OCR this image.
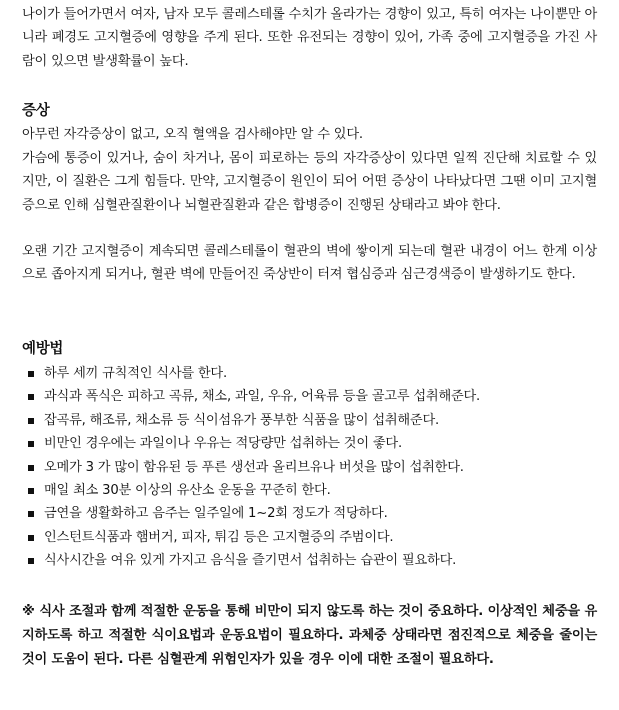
나이가 들어가면서 여자, 남자 모두 콜레스테롤 수치가 올라가는 경향이 있고, 특히 여자는 나이뿐만 아니라 폐경도 고지혈증에 영향을 주게 된다. 또한 유전되는 경향이 있어, 가족 중에 고지혈증을 가진 사람이 있으면 발생확률이 높다.
증상
아무런 자각증상이 없고, 오직 혈액을 검사해야만 알 수 있다.
가슴에 통증이 있거나, 숨이 차거나, 몸이 피로하는 등의 자각증상이 있다면 일찍 진단해 치료할 수 있지만, 이 질환은 그게 힘들다. 만약, 고지혈증이 원인이 되어 어떤 증상이 나타났다면 그땐 이미 고지혈증으로 인해 심혈관질환이나 뇌혈관질환과 같은 합병증이 진행된 상태라고 봐야 한다.
오랜 기간 고지혈증이 계속되면 콜레스테롤이 혈관의 벽에 쌓이게 되는데 혈관 내경이 어느 한계 이상으로 좁아지게 되거나, 혈관 벽에 만들어진 죽상반이 터져 협심증과 심근경색증이 발생하기도 한다.
예방법
하루 세끼 규칙적인 식사를 한다.
과식과 폭식은 피하고 곡류, 채소, 과일, 우유, 어육류 등을 골고루 섭취해준다.
잡곡류, 해조류, 채소류 등 식이섬유가 풍부한 식품을 많이 섭취해준다.
비만인 경우에는 과일이나 우유는 적당량만 섭취하는 것이 좋다.
오메가 3 가 많이 함유된 등 푸른 생선과 올리브유나 버섯을 많이 섭취한다.
매일 최소 30분 이상의 유산소 운동을 꾸준히 한다.
금연을 생활화하고 음주는 일주일에 1~2회 정도가 적당하다.
인스턴트식품과 햄버거, 피자, 튀김 등은 고지혈증의 주범이다.
식사시간을 여유 있게 가지고 음식을 즐기면서 섭취하는 습관이 필요하다.
※ 식사 조절과 함께 적절한 운동을 통해 비만이 되지 않도록 하는 것이 중요하다. 이상적인 체중을 유지하도록 하고 적절한 식이요법과 운동요법이 필요하다. 과체중 상태라면 점진적으로 체중을 줄이는 것이 도움이 된다. 다른 심혈관계 위험인자가 있을 경우 이에 대한 조절이 필요하다.
